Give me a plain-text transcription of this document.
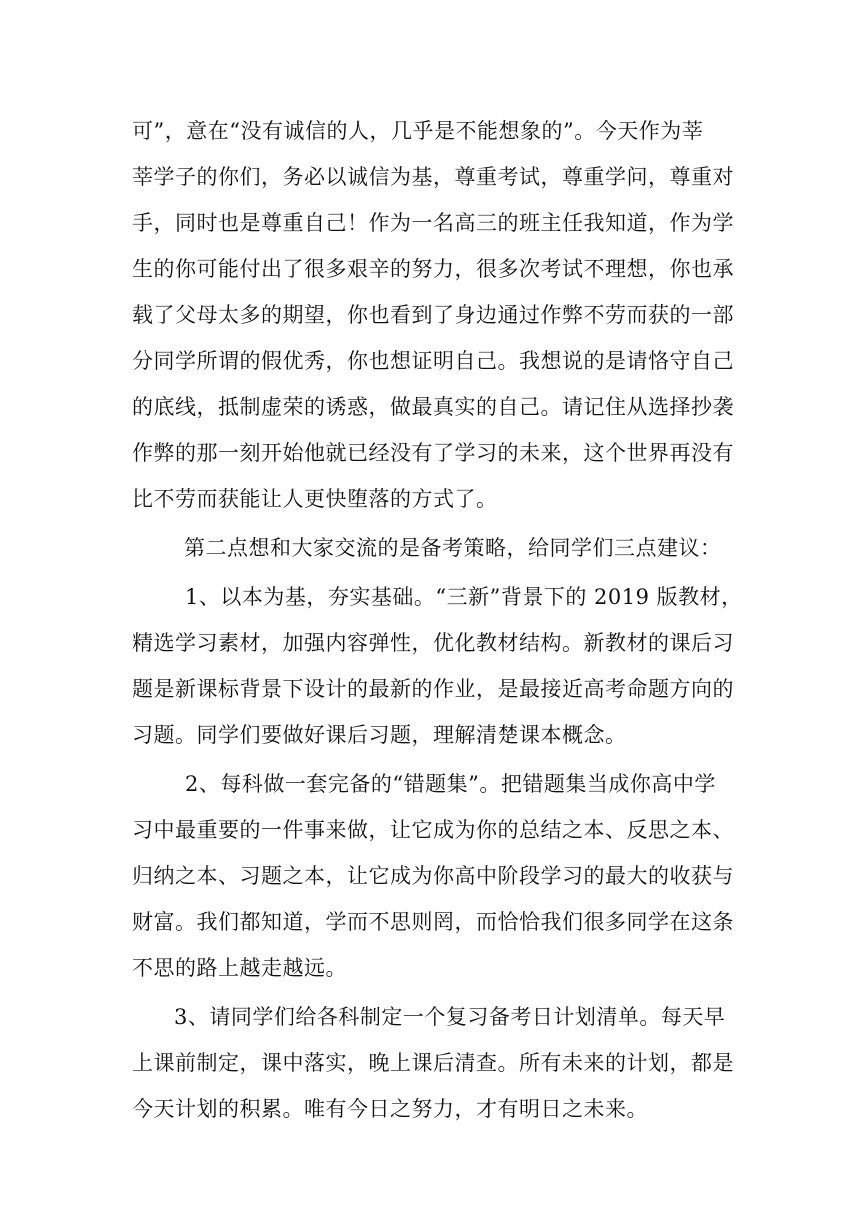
可”，意在“没有诚信的人，几乎是不能想象的”。今天作为莘
莘学子的你们，务必以诚信为基，尊重考试，尊重学问，尊重对
手，同时也是尊重自己！作为一名高三的班主任我知道，作为学
生的你可能付出了很多艰辛的努力，很多次考试不理想，你也承
载了父母太多的期望，你也看到了身边通过作弊不劳而获的一部
分同学所谓的假优秀，你也想证明自己。我想说的是请恪守自己
的底线，抵制虚荣的诱惑，做最真实的自己。请记住从选择抄袭
作弊的那一刻开始他就已经没有了学习的未来，这个世界再没有
比不劳而获能让人更快堕落的方式了。
第二点想和大家交流的是备考策略，给同学们三点建议：
1、以本为基，夯实基础。“三新”背景下的 2019 版教材，
精选学习素材，加强内容弹性，优化教材结构。新教材的课后习
题是新课标背景下设计的最新的作业，是最接近高考命题方向的
习题。同学们要做好课后习题，理解清楚课本概念。
2、每科做一套完备的“错题集”。把错题集当成你高中学
习中最重要的一件事来做，让它成为你的总结之本、反思之本、
归纳之本、习题之本，让它成为你高中阶段学习的最大的收获与
财富。我们都知道，学而不思则罔，而恰恰我们很多同学在这条
不思的路上越走越远。
3、请同学们给各科制定一个复习备考日计划清单。每天早
上课前制定，课中落实，晚上课后清查。所有未来的计划，都是
今天计划的积累。唯有今日之努力，才有明日之未来。
